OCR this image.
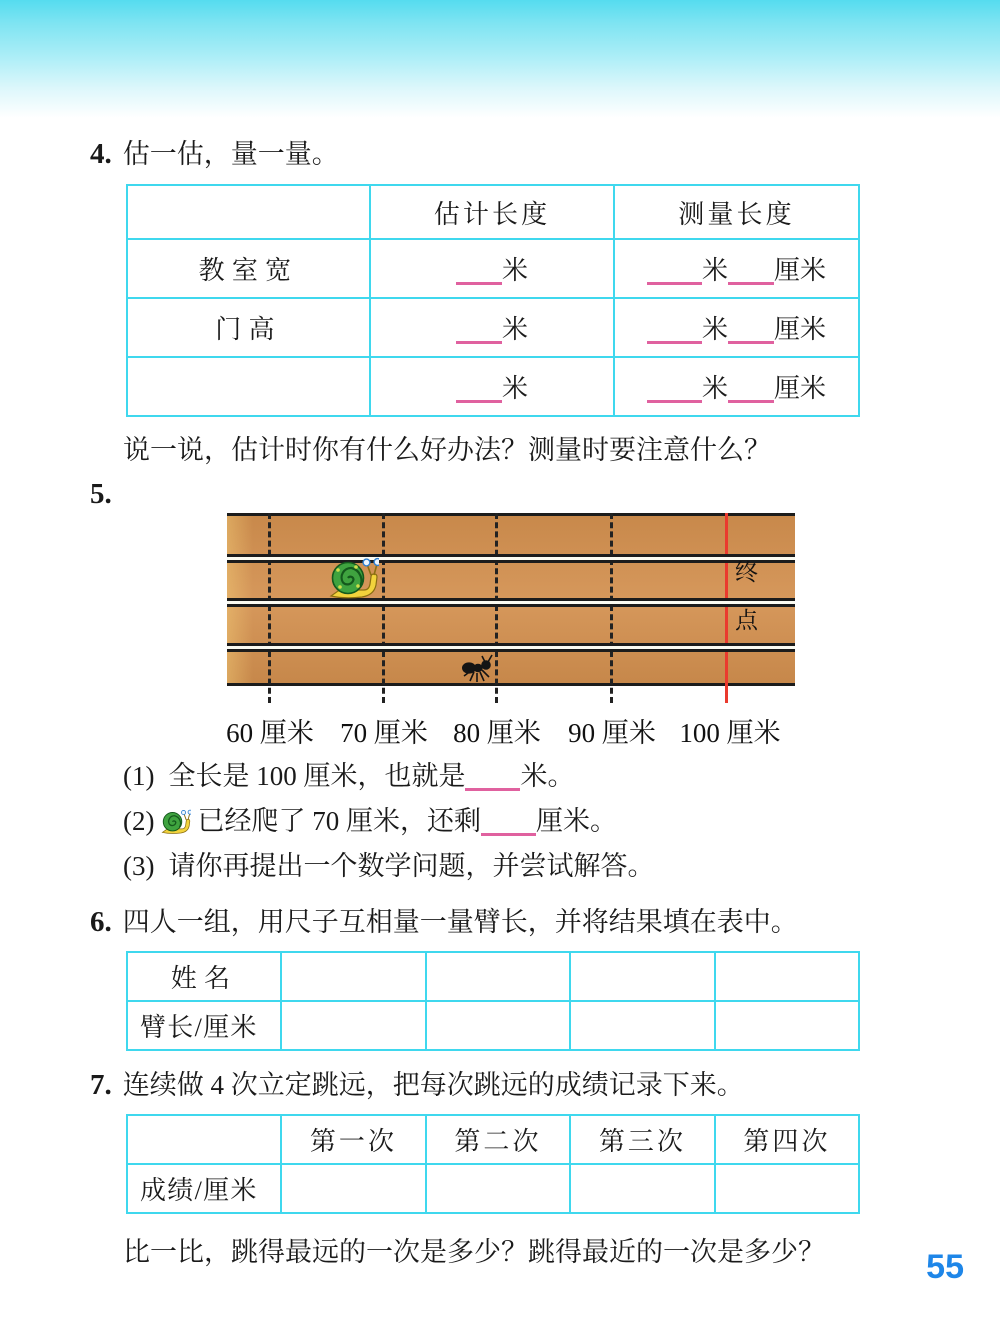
4. 估一估，量一量。
	估计长度	测量长度
教室宽	米	米 厘米
门高	米	米 厘米
	米	米 厘米
说一说，估计时你有什么好办法？测量时要注意什么？
5.
终
点
60 厘米 70 厘米 80 厘米 90 厘米 100 厘米
(1) 全长是 100 厘米，也就是 米。
(2) 已经爬了 70 厘米，还剩 厘米。
(3) 请你再提出一个数学问题，并尝试解答。
6. 四人一组，用尺子互相量一量臂长，并将结果填在表中。
姓名				
臂长/厘米				
7. 连续做 4 次立定跳远，把每次跳远的成绩记录下来。
	第一次	第二次	第三次	第四次
成绩/厘米				
比一比，跳得最远的一次是多少？跳得最近的一次是多少？	55
